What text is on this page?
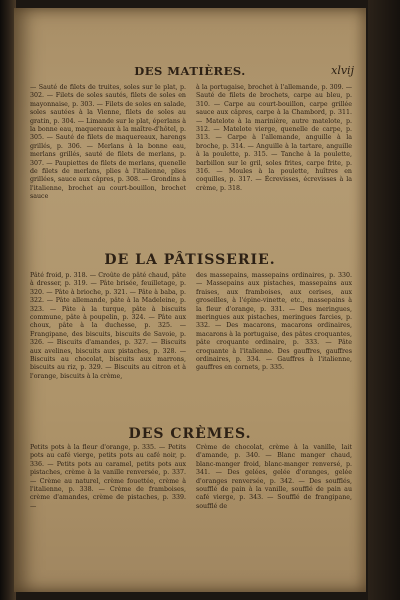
DES MATIÈRES.	xlvij
— Sauté de filets de truites, soles sur le plat, p. 302. — Filets de soles sautés, filets de soles en mayonnaise, p. 303. — Filets de soles en salade, soles sautées à la Vienne, filets de soles au gratin, p. 304. — Limande sur le plat, éperlans à la bonne eau, maquereaux à la maître-d'hôtel, p. 305. — Sauté de filets de maquereaux, harengs grillés, p. 306. — Merlans à la bonne eau, merlans grillés, sauté de filets de merlans, p. 307. — Paupiettes de filets de merlans, quenelle de filets de merlans, plies à l'italienne, plies grillées, sauce aux câpres, p. 308. — Grondins à l'italienne, brochet au court-bouillon, brochet sauce
à la portugaise, brochet à l'allemande, p. 309. — Sauté de filets de brochets, carpe au bleu, p. 310. — Carpe au court-bouillon, carpe grillée sauce aux câpres, carpe à la Chambord, p. 311. — Matelote à la marinière, autre matelote, p. 312. — Matelote vierge, quenelle de carpe, p. 313. — Carpe à l'allemande, anguille à la broche, p. 314. — Anguille à la tartare, anguille à la poulette, p. 315. — Tanche à la poulette, barbillon sur le gril, soles frites, carpe frite, p. 316. — Moules à la poulette, huîtres en coquilles, p. 317. — Écrevisses, écrevisses à la crème, p. 318.
DE LA PÂTISSERIE.
Pâté froid, p. 318. — Croûte de pâté chaud, pâte à dresser, p. 319. — Pâte brisée, feuilletage, p. 320. — Pâte à brioche, p. 321. — Pâte à baba, p. 322. — Pâte allemande, pâte à la Madeleine, p. 323. — Pâte à la turque, pâte à biscuits commune, pâte à poupelin, p. 324. — Pâte aux choux, pâte à la duchesse, p. 325. — Frangipane, des biscuits, biscuits de Savoie, p. 326. — Biscuits d'amandes, p. 327. — Biscuits aux avelines, biscuits aux pistaches, p. 328. — Biscuits au chocolat, biscuits aux marrons, biscuits au riz, p. 329. — Biscuits au citron et à l'orange, biscuits à la crème,
des massepains, massepains ordinaires, p. 330. — Massepains aux pistaches, massepains aux fraises, aux framboises, aux cerises, aux groseilles, à l'épine-vinette, etc., massepains à la fleur d'orange, p. 331. — Des meringues, meringues aux pistaches, meringues farcies, p. 332. — Des macarons, macarons ordinaires, macarons à la portugaise, des pâtes croquantes, pâte croquante ordinaire, p. 333. — Pâte croquante à l'italienne. Des gauffres, gauffres ordinaires, p. 334. — Gauffres à l'italienne, gauffres en cornets, p. 335.
DES CRÈMES.
Petits pots à la fleur d'orange, p. 335. — Petits pots au café vierge, petits pots au café noir, p. 336. — Petits pots au caramel, petits pots aux pistaches, crème à la vanille renversée, p. 337. — Crème au naturel, crème fouettée, crème à l'italienne, p. 338. — Crème de framboises, crème d'amandes, crème de pistaches, p. 339. —
Crème de chocolat, crème à la vanille, lait d'amande, p. 340. — Blanc manger chaud, blanc-manger froid, blanc-manger renversé, p. 341. — Des gelées, gelée d'oranges, gelée d'oranges renversée, p. 342. — Des soufflés, soufflé de pain à la vanille, soufflé de pain au café vierge, p. 343. — Soufflé de frangipane, soufflé de
